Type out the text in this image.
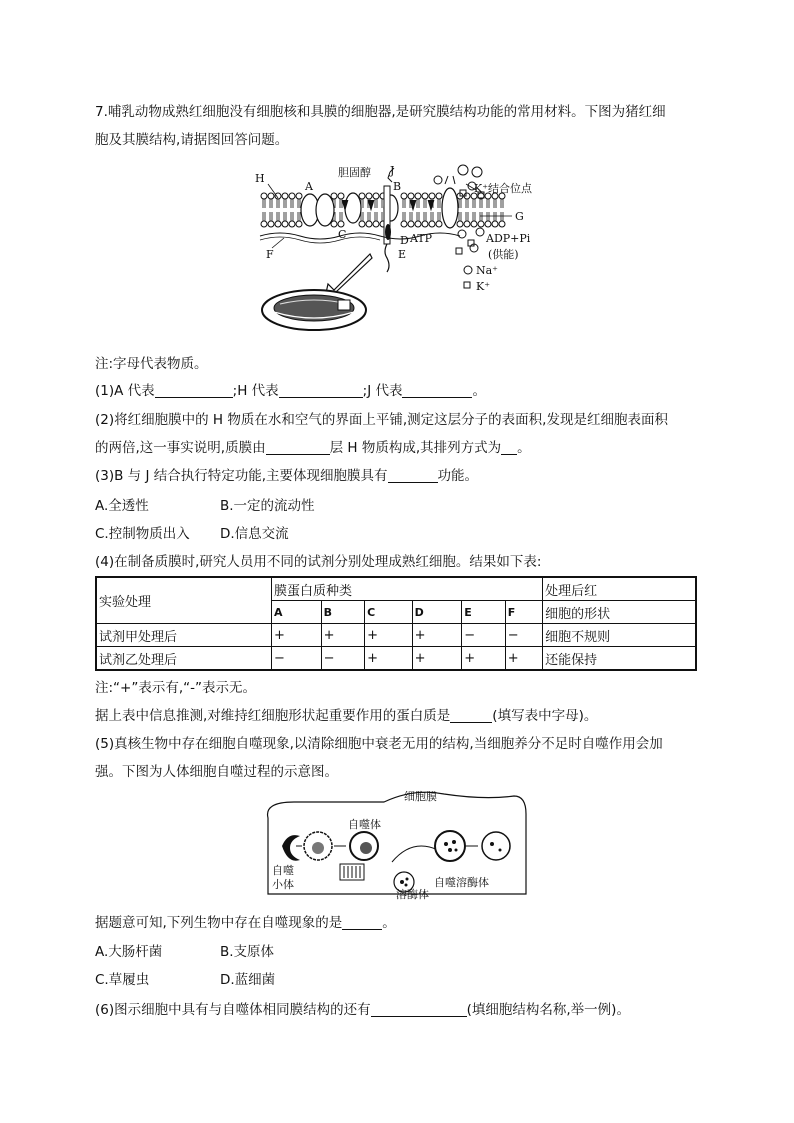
7.哺乳动物成熟红细胞没有细胞核和具膜的细胞器,是研究膜结构功能的常用材料。下图为猪红细
胞及其膜结构,请据图回答问题。
H
A
胆固醇 J
B	K⁺结合位点
C
G
F
D ATP
E
ADP+Pi
(供能)
Na⁺
K⁺
注:字母代表物质。
(1)A 代表	;H 代表	;J 代表	。
(2)将红细胞膜中的 H 物质在水和空气的界面上平铺,测定这层分子的表面积,发现是红细胞表面积
的两倍,这一事实说明,质膜由	层 H 物质构成,其排列方式为 。
(3)B 与 J 结合执行特定功能,主要体现细胞膜具有	功能。
A.全透性	B.一定的流动性
C.控制物质出入 D.信息交流
(4)在制备质膜时,研究人员用不同的试剂分别处理成熟红细胞。结果如下表:
实验处理	膜蛋白质种类						处理后红
	A	B	C	D	E	F	细胞的形状
试剂甲处理后	+	+	+	+	−	−	细胞不规则
试剂乙处理后	−	−	+	+	+	+	还能保持
注:“+”表示有,“-”表示无。
据上表中信息推测,对维持红细胞形状起重要作用的蛋白质是	(填写表中字母)。
(5)真核生物中存在细胞自噬现象,以清除细胞中衰老无用的结构,当细胞养分不足时自噬作用会加
强。下图为人体细胞自噬过程的示意图。
细胞膜
自噬体
自噬
小体
溶酶体
自噬溶酶体
据题意可知,下列生物中存在自噬现象的是	。
A.大肠杆菌	B.支原体
C.草履虫	D.蓝细菌
(6)图示细胞中具有与自噬体相同膜结构的还有	(填细胞结构名称,举一例)。
